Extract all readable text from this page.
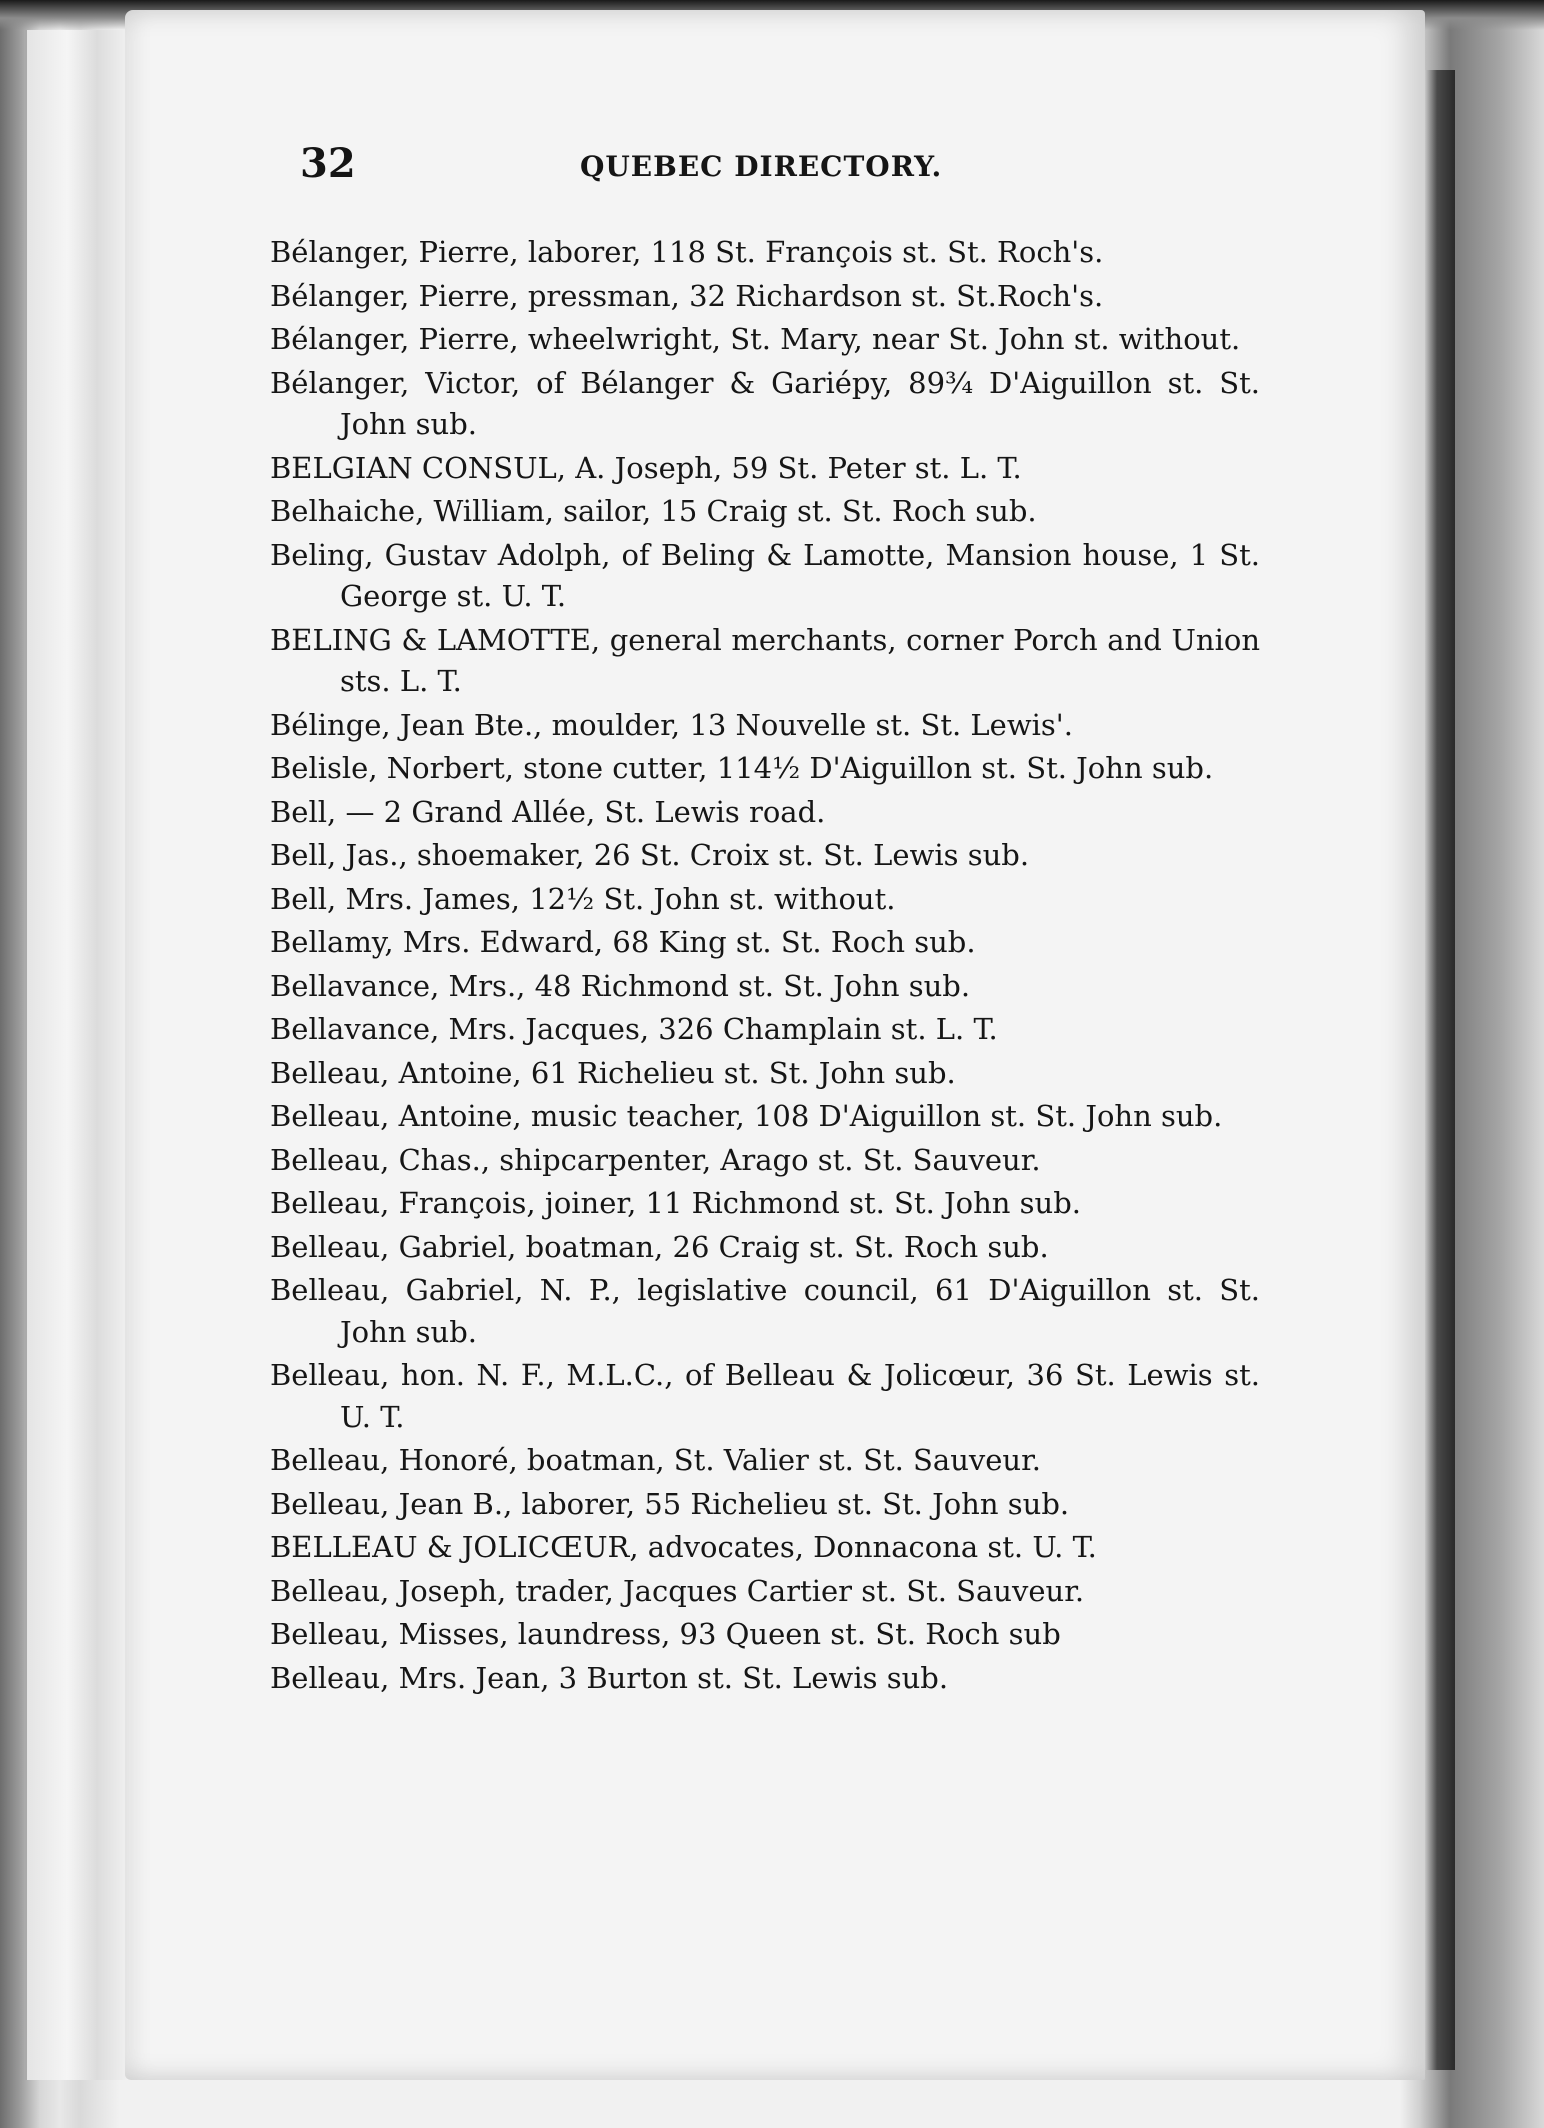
32	QUEBEC DIRECTORY.

Bélanger, Pierre, laborer, 118 St. François st. St. Roch's.

Bélanger, Pierre, pressman, 32 Richardson st. St.Roch's.

Bélanger, Pierre, wheelwright, St. Mary, near St. John st. without.

Bélanger, Victor, of Bélanger & Gariépy, 89¾ D'Aiguillon st. St. John sub.

BELGIAN CONSUL, A. Joseph, 59 St. Peter st. L. T.

Belhaiche, William, sailor, 15 Craig st. St. Roch sub.

Beling, Gustav Adolph, of Beling & Lamotte, Mansion house, 1 St. George st. U. T.

BELING & LAMOTTE, general merchants, corner Porch and Union sts. L. T.

Bélinge, Jean Bte., moulder, 13 Nouvelle st. St. Lewis'.

Belisle, Norbert, stone cutter, 114½ D'Aiguillon st. St. John sub.

Bell, — 2 Grand Allée, St. Lewis road.

Bell, Jas., shoemaker, 26 St. Croix st. St. Lewis sub.

Bell, Mrs. James, 12½ St. John st. without.

Bellamy, Mrs. Edward, 68 King st. St. Roch sub.

Bellavance, Mrs., 48 Richmond st. St. John sub.

Bellavance, Mrs. Jacques, 326 Champlain st. L. T.

Belleau, Antoine, 61 Richelieu st. St. John sub.

Belleau, Antoine, music teacher, 108 D'Aiguillon st. St. John sub.

Belleau, Chas., shipcarpenter, Arago st. St. Sauveur.

Belleau, François, joiner, 11 Richmond st. St. John sub.

Belleau, Gabriel, boatman, 26 Craig st. St. Roch sub.

Belleau, Gabriel, N. P., legislative council, 61 D'Aiguillon st. St. John sub.

Belleau, hon. N. F., M.L.C., of Belleau & Jolicœur, 36 St. Lewis st. U. T.

Belleau, Honoré, boatman, St. Valier st. St. Sauveur.

Belleau, Jean B., laborer, 55 Richelieu st. St. John sub.

BELLEAU & JOLICŒUR, advocates, Donnacona st. U. T.

Belleau, Joseph, trader, Jacques Cartier st. St. Sauveur.

Belleau, Misses, laundress, 93 Queen st. St. Roch sub

Belleau, Mrs. Jean, 3 Burton st. St. Lewis sub.
